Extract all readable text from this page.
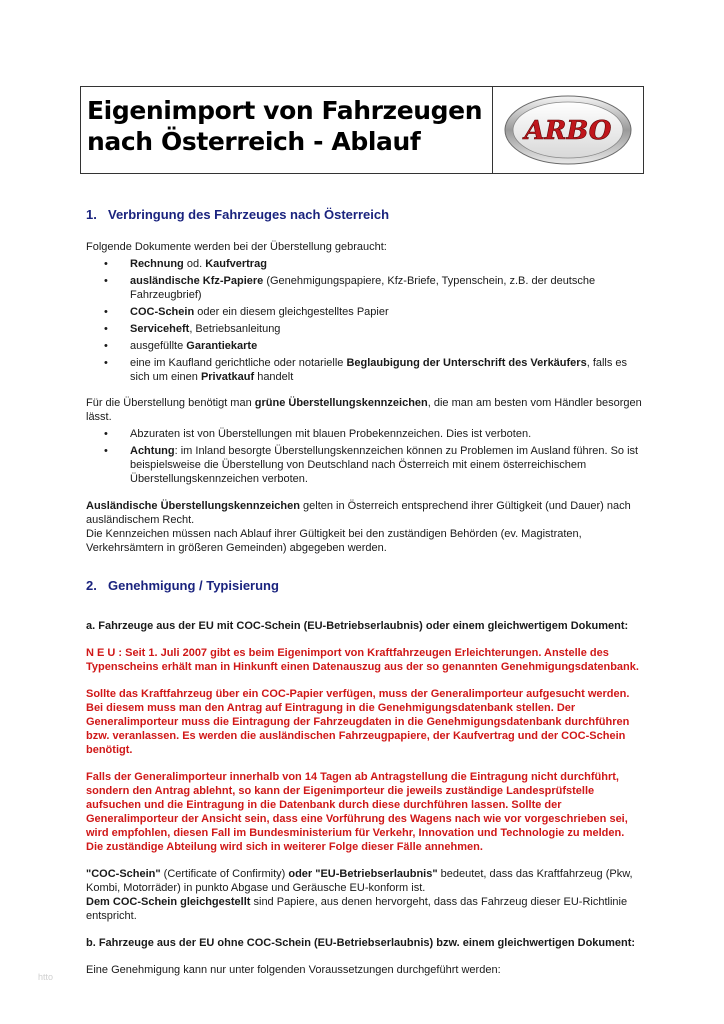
Eigenimport von Fahrzeugen
nach Österreich - Ablauf	ARBO
1. Verbringung des Fahrzeuges nach Österreich

Folgende Dokumente werden bei der Überstellung gebraucht:

• Rechnung od. Kaufvertrag
• ausländische Kfz-Papiere (Genehmigungspapiere, Kfz-Briefe, Typenschein, z.B. der deutsche Fahrzeugbrief)
• COC-Schein oder ein diesem gleichgestelltes Papier
• Serviceheft, Betriebsanleitung
• ausgefüllte Garantiekarte
• eine im Kaufland gerichtliche oder notarielle Beglaubigung der Unterschrift des Verkäufers, falls es sich um einen Privatkauf handelt

Für die Überstellung benötigt man grüne Überstellungskennzeichen, die man am besten vom Händler besorgen lässt.

• Abzuraten ist von Überstellungen mit blauen Probekennzeichen. Dies ist verboten.
• Achtung: im Inland besorgte Überstellungskennzeichen können zu Problemen im Ausland führen. So ist beispielsweise die Überstellung von Deutschland nach Österreich mit einem österreichischem Überstellungskennzeichen verboten.

Ausländische Überstellungskennzeichen gelten in Österreich entsprechend ihrer Gültigkeit (und Dauer) nach ausländischem Recht.

Die Kennzeichen müssen nach Ablauf ihrer Gültigkeit bei den zuständigen Behörden (ev. Magistraten, Verkehrsämtern in größeren Gemeinden) abgegeben werden.

2. Genehmigung / Typisierung

a. Fahrzeuge aus der EU mit COC-Schein (EU-Betriebserlaubnis) oder einem gleichwertigem Dokument:

N E U : Seit 1. Juli 2007 gibt es beim Eigenimport von Kraftfahrzeugen Erleichterungen. Anstelle des Typenscheins erhält man in Hinkunft einen Datenauszug aus der so genannten Genehmigungsdatenbank.

Sollte das Kraftfahrzeug über ein COC-Papier verfügen, muss der Generalimporteur aufgesucht werden. Bei diesem muss man den Antrag auf Eintragung in die Genehmigungsdatenbank stellen. Der Generalimporteur muss die Eintragung der Fahrzeugdaten in die Genehmigungsdatenbank durchführen bzw. veranlassen. Es werden die ausländischen Fahrzeugpapiere, der Kaufvertrag und der COC-Schein benötigt.

Falls der Generalimporteur innerhalb von 14 Tagen ab Antragstellung die Eintragung nicht durchführt, sondern den Antrag ablehnt, so kann der Eigenimporteur die jeweils zuständige Landesprüfstelle aufsuchen und die Eintragung in die Datenbank durch diese durchführen lassen. Sollte der Generalimporteur der Ansicht sein, dass eine Vorführung des Wagens nach wie vor vorgeschrieben sei, wird empfohlen, diesen Fall im Bundesministerium für Verkehr, Innovation und Technologie zu melden. Die zuständige Abteilung wird sich in weiterer Folge dieser Fälle annehmen.

"COC-Schein" (Certificate of Confirmity) oder "EU-Betriebserlaubnis" bedeutet, dass das Kraftfahrzeug (Pkw, Kombi, Motorräder) in punkto Abgase und Geräusche EU-konform ist.

Dem COC-Schein gleichgestellt sind Papiere, aus denen hervorgeht, dass das Fahrzeug dieser EU-Richtlinie entspricht.

b. Fahrzeuge aus der EU ohne COC-Schein (EU-Betriebserlaubnis) bzw. einem gleichwertigen Dokument:

Eine Genehmigung kann nur unter folgenden Voraussetzungen durchgeführt werden:

htto
